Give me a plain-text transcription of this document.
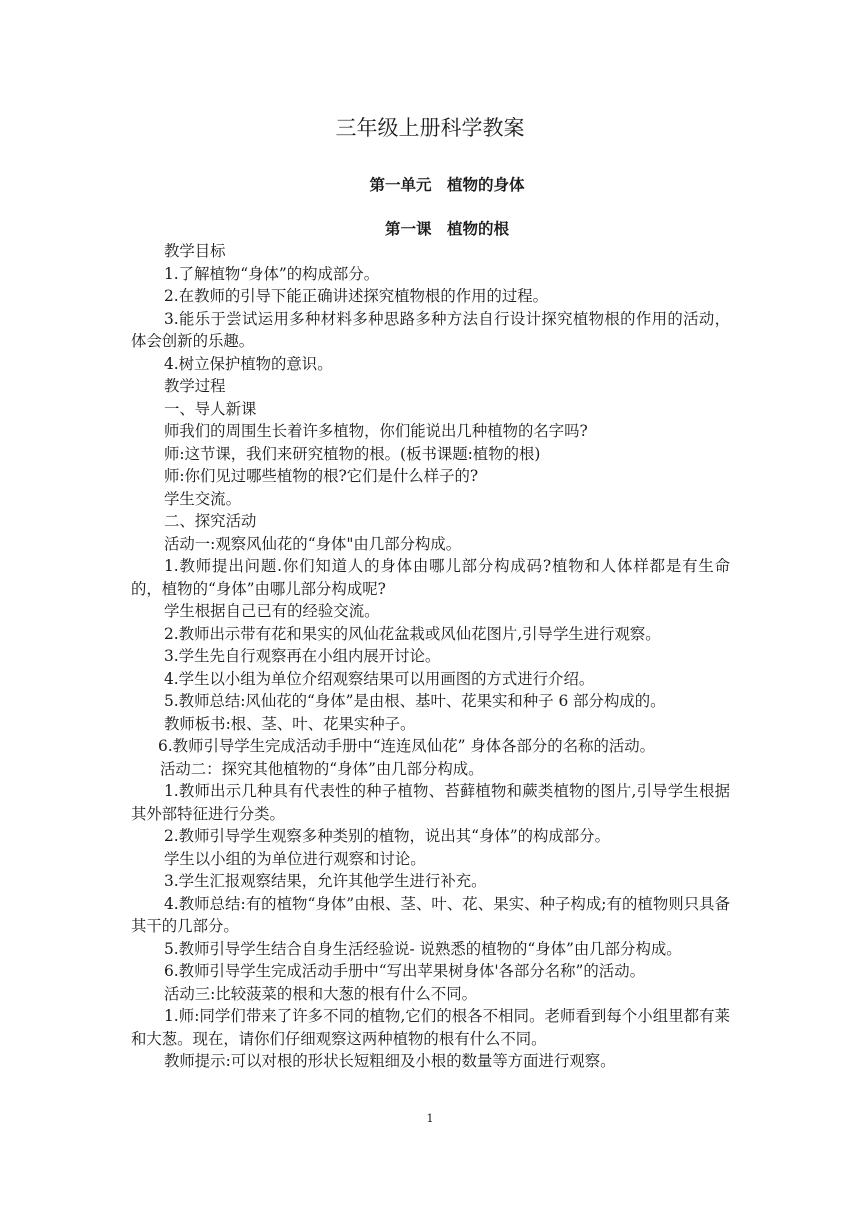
三年级上册科学教案
第一单元　植物的身体
第一课　植物的根

教学目标

1.了解植物“身体”的构成部分。

2.在教师的引导下能正确讲述探究植物根的作用的过程。

3.能乐于尝试运用多种材料多种思路多种方法自行设计探究植物根的作用的活动，体会创新的乐趣。

4.树立保护植物的意识。

教学过程

一、导人新课

师我们的周围生长着许多植物，你们能说出几种植物的名字吗?

师:这节课，我们来研究植物的根。(板书课题:植物的根)

师:你们见过哪些植物的根?它们是什么样子的?

学生交流。

二、探究活动

活动一:观察风仙花的“身体"由几部分构成。

1.教师提出问题.你们知道人的身体由哪儿部分构成码?植物和人体样都是有生命的，植物的“身体”由哪儿部分构成呢?

学生根据自己已有的经验交流。

2.教师出示带有花和果实的风仙花盆栽或风仙花图片,引导学生进行观察。

3.学生先自行观察再在小组内展开讨论。

4.学生以小组为单位介绍观察结果可以用画图的方式进行介绍。

5.教师总结:风仙花的“身体”是由根、基叶、花果实和种子 6 部分构成的。

教师板书:根、茎、叶、花果实种子。

6.教师引导学生完成活动手册中“连连凤仙花” 身体各部分的名称的活动。

活动二：探究其他植物的“身体”由几部分构成。

1.教师出示几种具有代表性的种子植物、苔藓植物和蕨类植物的图片,引导学生根据其外部特征进行分类。

2.教师引导学生观察多种类别的植物，说出其“身体”的构成部分。

学生以小组的为单位进行观察和讨论。

3.学生汇报观察结果，允许其他学生进行补充。

4.教师总结:有的植物“身体”由根、茎、叶、花、果实、种子构成;有的植物则只具备其干的几部分。

5.教师引导学生结合自身生活经验说- 说熟悉的植物的“身体”由几部分构成。

6.教师引导学生完成活动手册中“写出苹果树身体'各部分名称”的活动。

活动三:比较菠菜的根和大葱的根有什么不同。

1.师:同学们带来了许多不同的植物,它们的根各不相同。老师看到每个小组里都有莱和大葱。现在，请你们仔细观察这两种植物的根有什么不同。

教师提示:可以对根的形状长短粗细及小根的数量等方面进行观察。

1
